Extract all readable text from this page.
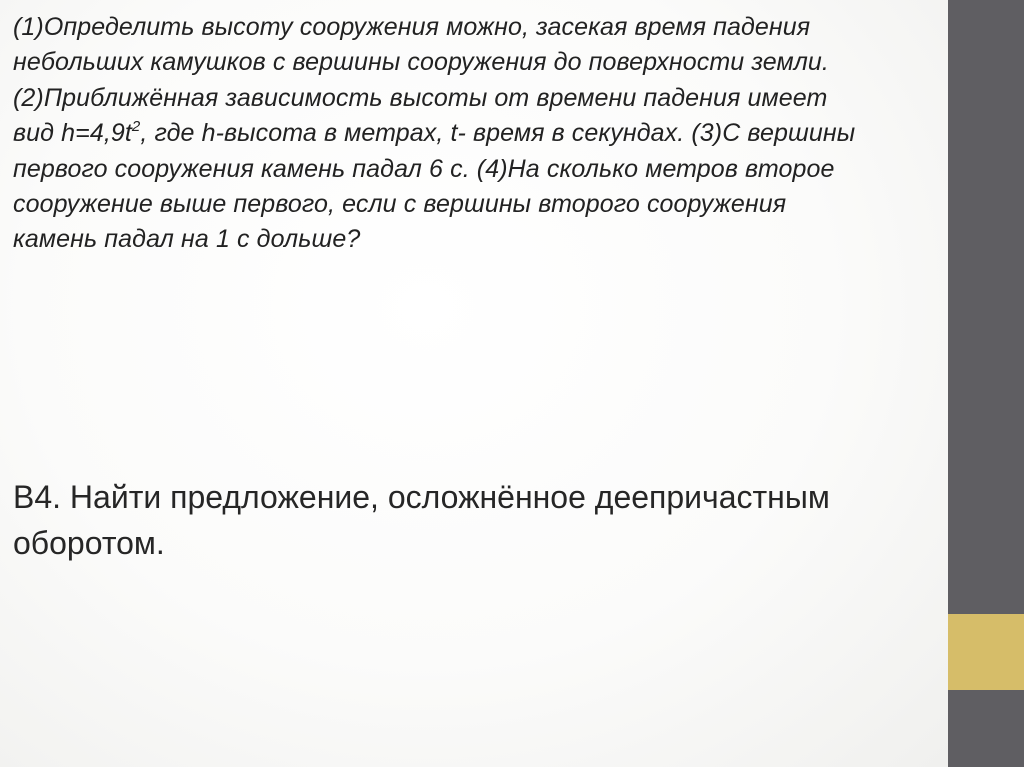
(1)Определить высоту сооружения можно, засекая время падения небольших камушков с вершины сооружения до поверхности земли. (2)Приближённая зависимость высоты от времени падения имеет вид $h=4,9t^2$, где h-высота в метрах, t- время в секундах. (3)С вершины первого сооружения камень падал 6 с. (4)На сколько метров второе сооружение выше первого, если с вершины второго сооружения камень падал на 1 с дольше?

В4. Найти предложение, осложнённое деепричастным оборотом.
